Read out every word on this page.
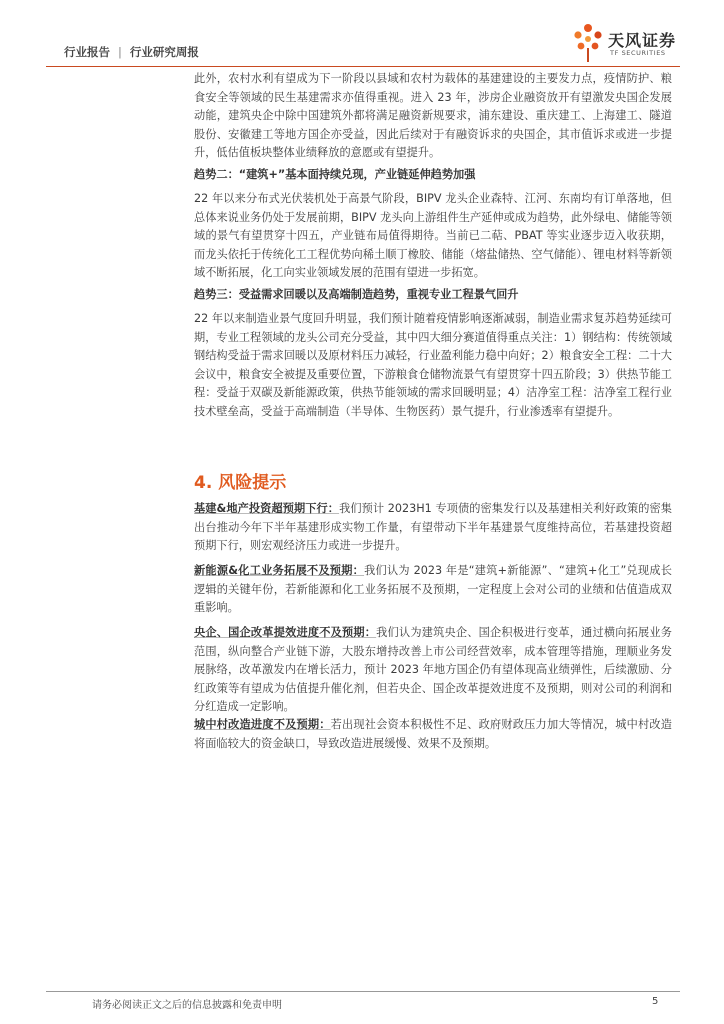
行业报告 | 行业研究周报
天风证券
TF SECURITIES

此外，农村水利有望成为下一阶段以县域和农村为载体的基建建设的主要发力点，疫情防护、粮食安全等领域的民生基建需求亦值得重视。进入 23 年，涉房企业融资放开有望激发央国企发展动能，建筑央企中除中国建筑外都将满足融资新规要求，浦东建设、重庆建工、上海建工、隧道股份、安徽建工等地方国企亦受益，因此后续对于有融资诉求的央国企，其市值诉求或进一步提升，低估值板块整体业绩释放的意愿或有望提升。

趋势二：“建筑+”基本面持续兑现，产业链延伸趋势加强

22 年以来分布式光伏装机处于高景气阶段，BIPV 龙头企业森特、江河、东南均有订单落地，但总体来说业务仍处于发展前期，BIPV 龙头向上游组件生产延伸或成为趋势，此外绿电、储能等领域的景气有望贯穿十四五，产业链布局值得期待。当前已二萜、PBAT 等实业逐步迈入收获期，而龙头依托于传统化工工程优势向稀土顺丁橡胶、储能（熔盐储热、空气储能）、锂电材料等新领域不断拓展，化工向实业领域发展的范围有望进一步拓宽。

趋势三：受益需求回暖以及高端制造趋势，重视专业工程景气回升

22 年以来制造业景气度回升明显，我们预计随着疫情影响逐渐减弱，制造业需求复苏趋势延续可期，专业工程领域的龙头公司充分受益，其中四大细分赛道值得重点关注：1）钢结构：传统领域钢结构受益于需求回暖以及原材料压力减轻，行业盈利能力稳中向好；2）粮食安全工程：二十大会议中，粮食安全被提及重要位置，下游粮食仓储物流景气有望贯穿十四五阶段；3）供热节能工程：受益于双碳及新能源政策，供热节能领域的需求回暖明显；4）洁净室工程：洁净室工程行业技术壁垒高，受益于高端制造（半导体、生物医药）景气提升，行业渗透率有望提升。

4. 风险提示

基建&地产投资超预期下行：我们预计 2023H1 专项债的密集发行以及基建相关利好政策的密集出台推动今年下半年基建形成实物工作量，有望带动下半年基建景气度维持高位，若基建投资超预期下行，则宏观经济压力或进一步提升。

新能源&化工业务拓展不及预期：我们认为 2023 年是“建筑+新能源”、“建筑+化工”兑现成长逻辑的关键年份，若新能源和化工业务拓展不及预期，一定程度上会对公司的业绩和估值造成双重影响。

央企、国企改革提效进度不及预期：我们认为建筑央企、国企积极进行变革，通过横向拓展业务范围，纵向整合产业链下游，大股东增持改善上市公司经营效率，成本管理等措施，理顺业务发展脉络，改革激发内在增长活力，预计 2023 年地方国企仍有望体现高业绩弹性，后续激励、分红政策等有望成为估值提升催化剂，但若央企、国企改革提效进度不及预期，则对公司的利润和分红造成一定影响。

城中村改造进度不及预期：若出现社会资本积极性不足、政府财政压力加大等情况，城中村改造将面临较大的资金缺口，导致改造进展缓慢、效果不及预期。

请务必阅读正文之后的信息披露和免责申明	5
